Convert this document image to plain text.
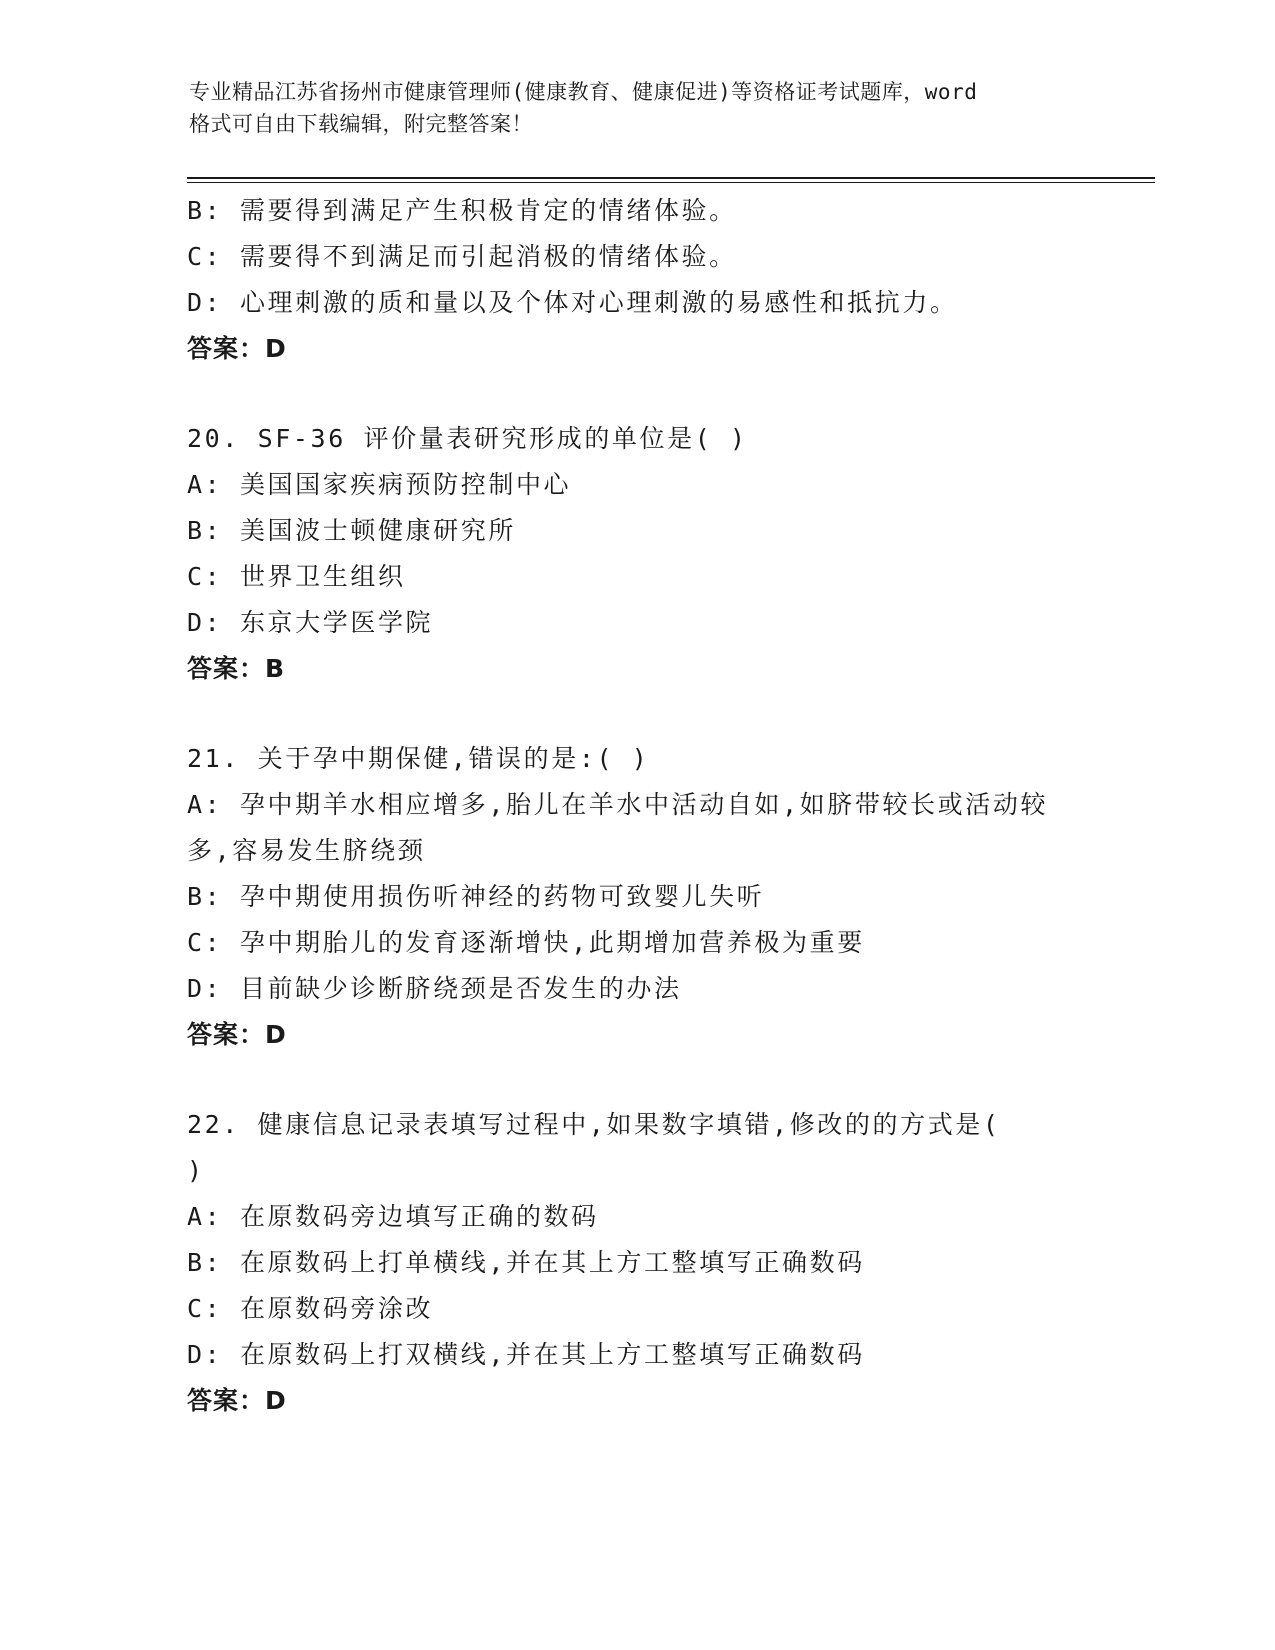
专业精品江苏省扬州市健康管理师(健康教育、健康促进)等资格证考试题库，word
格式可自由下载编辑，附完整答案！
B: 需要得到满足产生积极肯定的情绪体验。
C: 需要得不到满足而引起消极的情绪体验。
D: 心理刺激的质和量以及个体对心理刺激的易感性和抵抗力。
答案：D
20. SF-36 评价量表研究形成的单位是( )
A: 美国国家疾病预防控制中心
B: 美国波士顿健康研究所
C: 世界卫生组织
D: 东京大学医学院
答案：B
21. 关于孕中期保健,错误的是:( )
A: 孕中期羊水相应增多,胎儿在羊水中活动自如,如脐带较长或活动较
多,容易发生脐绕颈
B: 孕中期使用损伤听神经的药物可致婴儿失听
C: 孕中期胎儿的发育逐渐增快,此期增加营养极为重要
D: 目前缺少诊断脐绕颈是否发生的办法
答案：D
22. 健康信息记录表填写过程中,如果数字填错,修改的的方式是(
)
A: 在原数码旁边填写正确的数码
B: 在原数码上打单横线,并在其上方工整填写正确数码
C: 在原数码旁涂改
D: 在原数码上打双横线,并在其上方工整填写正确数码
答案：D
